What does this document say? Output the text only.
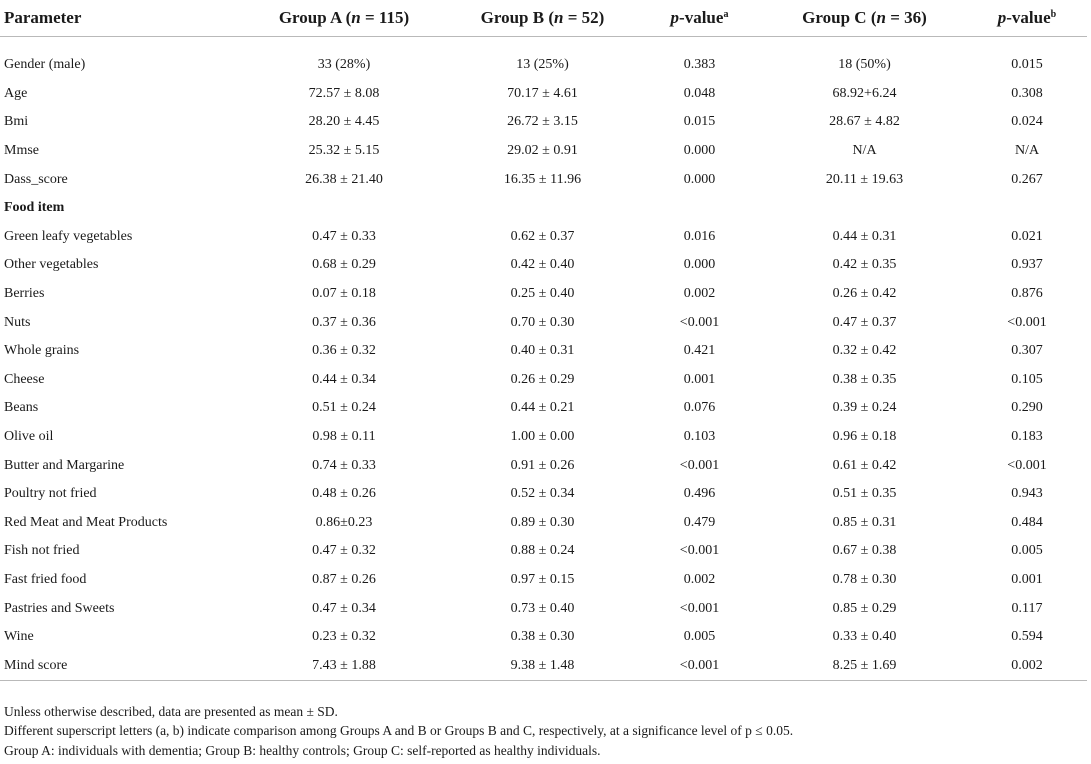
Parameter	Group A (n = 115)	Group B (n = 52)	p-value$^a$	Group C (n = 36)	p-value$^b$

Gender (male)	33 (28%)	13 (25%)	0.383	18 (50%)	0.015
Age	72.57 ± 8.08	70.17 ± 4.61	0.048	68.92+6.24	0.308
Bmi	28.20 ± 4.45	26.72 ± 3.15	0.015	28.67 ± 4.82	0.024
Mmse	25.32 ± 5.15	29.02 ± 0.91	0.000	N/A	N/A
Dass_score	26.38 ± 21.40	16.35 ± 11.96	0.000	20.11 ± 19.63	0.267
Food item					
Green leafy vegetables	0.47 ± 0.33	0.62 ± 0.37	0.016	0.44 ± 0.31	0.021
Other vegetables	0.68 ± 0.29	0.42 ± 0.40	0.000	0.42 ± 0.35	0.937
Berries	0.07 ± 0.18	0.25 ± 0.40	0.002	0.26 ± 0.42	0.876
Nuts	0.37 ± 0.36	0.70 ± 0.30	<0.001	0.47 ± 0.37	<0.001
Whole grains	0.36 ± 0.32	0.40 ± 0.31	0.421	0.32 ± 0.42	0.307
Cheese	0.44 ± 0.34	0.26 ± 0.29	0.001	0.38 ± 0.35	0.105
Beans	0.51 ± 0.24	0.44 ± 0.21	0.076	0.39 ± 0.24	0.290
Olive oil	0.98 ± 0.11	1.00 ± 0.00	0.103	0.96 ± 0.18	0.183
Butter and Margarine	0.74 ± 0.33	0.91 ± 0.26	<0.001	0.61 ± 0.42	<0.001
Poultry not fried	0.48 ± 0.26	0.52 ± 0.34	0.496	0.51 ± 0.35	0.943
Red Meat and Meat Products	0.86±0.23	0.89 ± 0.30	0.479	0.85 ± 0.31	0.484
Fish not fried	0.47 ± 0.32	0.88 ± 0.24	<0.001	0.67 ± 0.38	0.005
Fast fried food	0.87 ± 0.26	0.97 ± 0.15	0.002	0.78 ± 0.30	0.001
Pastries and Sweets	0.47 ± 0.34	0.73 ± 0.40	<0.001	0.85 ± 0.29	0.117
Wine	0.23 ± 0.32	0.38 ± 0.30	0.005	0.33 ± 0.40	0.594
Mind score	7.43 ± 1.88	9.38 ± 1.48	<0.001	8.25 ± 1.69	0.002
Unless otherwise described, data are presented as mean ± SD.
Different superscript letters (a, b) indicate comparison among Groups A and B or Groups B and C, respectively, at a significance level of p ≤ 0.05.
Group A: individuals with dementia; Group B: healthy controls; Group C: self-reported as healthy individuals.
